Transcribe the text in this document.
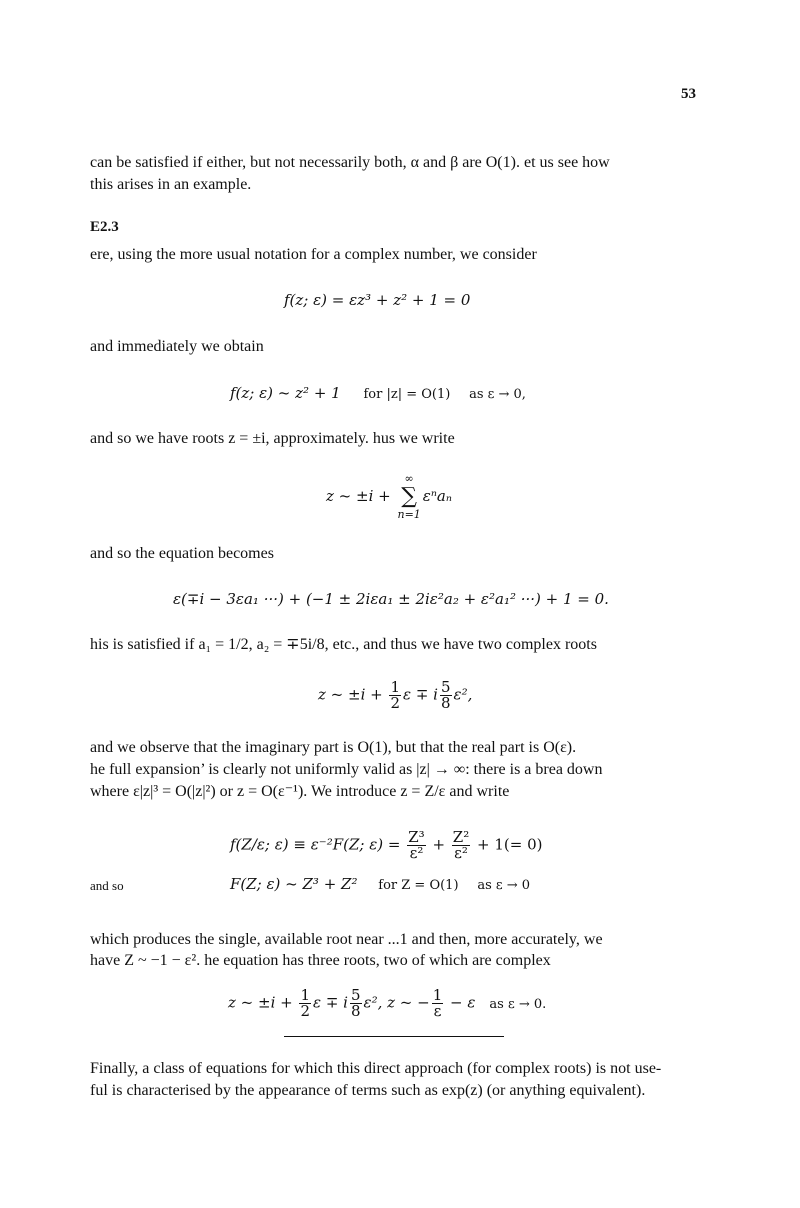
53
can be satisfied if either, but not necessarily both, α and β are O(1). et us see how
this arises in an example.
E2.3
ere, using the more usual notation for a complex number, we consider
f(z; ε) = εz³ + z² + 1 = 0
and immediately we obtain
f(z; ε) ~ z² + 1 for |z| = O(1) as ε → 0,
and so we have roots z = ±i, approximately. hus we write
z ~ ±i +
∞
∑
n=1
εⁿaₙ
and so the equation becomes
ε(∓i − 3εa₁ ···) + (−1 ± 2iεa₁ ± 2iε²a₂ + ε²a₁² ···) + 1 = 0.
his is satisfied if a₁ = 1/2, a₂ = ∓5i/8, etc., and thus we have two complex roots
z ~ $\pm i + \frac{1}{2}$ ε ∓ i $\frac{5}{8} \varepsilon^2$,
and we observe that the imaginary part is O(1), but that the real part is O(ε).
he full expansion’ is clearly not uniformly valid as |z| → ∞: there is a brea down
where ε|z|³ = O(|z|²) or z = O(ε⁻¹). We introduce z = Z/ε and write
f(Z/ε; ε) ≡ ε⁻²F(Z; $\varepsilon) = \frac{\text{Z³}}{\text{ε²}} + \frac{\text{Z²}}{\text{ε²}} + 1(= 0)$
and so	F(Z; ε) ~ Z³ + Z² for Z = O(1) as ε → 0
which produces the single, available root near ...1 and then, more accurately, we
have Z ~ −1 − ε². he equation has three roots, two of which are complex
z ~ $\pm i + \frac{1}{2}$ ε ∓ i $\frac{5}{8} \varepsilon^2$, z ~ − $\frac{1}{\varepsilon} - \varepsilon$ as ε → 0.
Finally, a class of equations for which this direct approach (for complex roots) is not use-
ful is characterised by the appearance of terms such as exp(z) (or anything equivalent).
